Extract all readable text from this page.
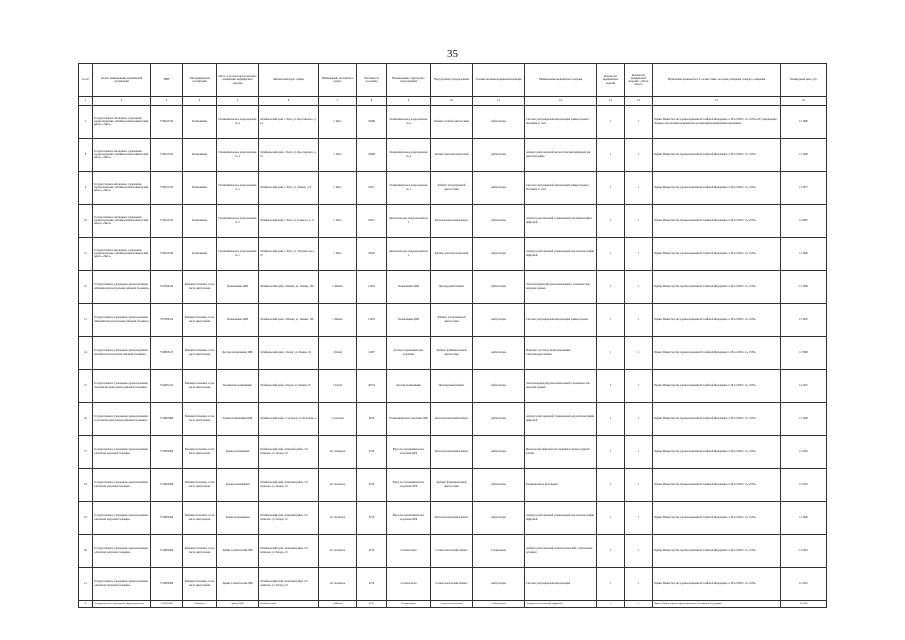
35
№ п/п	Полное наименование медицинской организации	ИНН	Тип медицинской организации	Место, в котором предусмотрено размещение медицинского изделия	Фактический адрес здания	Наименование населённого пункта	Численность населения	Наименование структурного подразделения	Вид (профиль) подразделения	Условия оказания медицинской помощи	Наименование медицинского изделия	Количество медицинских изделий	Количество медицинских изделий с учётом износа	Нормативно-правовой акт, в соответствии с которым утверждён стандарт оснащения	Планируемая цена, руб.
1	2	3	4	5	6	7	8	9	10	11	12	13	14	15	16
7	Государственное автономное учреждение здравоохранения «Забайкальский клинический центр» «Чита»	7536015545	Поликлиника	Поликлиническое подразделение № 4	Забайкальский край, г. Чита, ул. Ярославского, д. 14	г. Чита	35408	Поликлиническое подразделение № 4	Кабинет лучевой диагностики	Амбулаторно	Система ультразвуковой визуализации универсальная с питанием от сети	1	1	Приказ Министерства здравоохранения Российской Федерации от 28.12.2020 г. № 1379н «Об утверждении Порядка обеспечения медицинских организаций медицинскими изделиями»	12 3600
8	Государственное автономное учреждение здравоохранения «Забайкальский клинический центр» «Чита»	7536015545	Поликлиника	Поликлиническое подразделение № 4	Забайкальский край, г. Чита, ул. Ярославского, д. 14	г. Чита	35408	Поликлиническое подразделение № 4	Кабинет рентгенологический	Амбулаторно	Аппарат рентгеновский диагностический цифровой для рентгенографии	1	1	Приказ Министерства здравоохранения Российской Федерации от 28.12.2020 г. № 1379н	12 3600
9	Государственное автономное учреждение здравоохранения «Забайкальский клинический центр» «Чита»	7536015545	Поликлиника	Поликлиническое подразделение № 1	Забайкальский край, г. Чита, ул. Ленина, д. 8	г. Чита	18215	Поликлиническое подразделение № 1	Кабинет ультразвуковой диагностики	Амбулаторно	Система ультразвуковой визуализации универсальная с питанием от сети	1	1	Приказ Министерства здравоохранения Российской Федерации от 28.12.2020 г. № 1379н	12 3677
10	Государственное автономное учреждение здравоохранения «Забайкальский клинический центр» «Чита»	7536015545	Поликлиника	Поликлиническое подразделение № 1	Забайкальский край, г. Чита, ул. Горького, д. 11	г. Чита	18215	Онкологическое подразделение № 1	Рентгенологический кабинет	Амбулаторно	Аппарат рентгеновский стационарный для маммографии цифровой	1	1	Приказ Министерства здравоохранения Российской Федерации от 28.12.2020 г. № 1379н	12 4007
11	Государственное автономное учреждение здравоохранения «Забайкальский клинический центр» «Чита»	7536015545	Поликлиника	Поликлиническое подразделение № 1	Забайкальский край, г. Чита, ул. Энтузиастов, д. 74	г. Чита	18226	Онкологическое подразделение № 1	Кабинет рентгенологический	Амбулаторно	Аппарат рентгеновский стационарный для рентгенографии цифровой	1	1	Приказ Министерства здравоохранения Российской Федерации от 28.12.2020 г. № 1379н	12 3600
12	Государственное учреждение здравоохранения «Шилкинская центральная районная больница»	7527004524	Районная больница, в том числе центральная	Поликлиника ЦРБ	Забайкальский край, г. Шилка, ул. Ленина, 136	г. Шилка	12493	Поликлиника ЦРБ	Процедурный кабинет	Амбулаторно	Электрокардиограф (многоканальный) с возможностью передачи данных	1	1	Приказ Министерства здравоохранения Российской Федерации от 28.12.2020 г. № 1379н	12 3600
13	Государственное учреждение здравоохранения «Шилкинская центральная районная больница»	7527004524	Районная больница, в том числе центральная	Поликлиника ЦРБ	Забайкальский край, г. Шилка, ул. Ленина, 136	г. Шилка	12493	Поликлиника ЦРБ	Кабинет ультразвуковой диагностики	Амбулаторно	Система ультразвуковой визуализации универсальная	1	1	Приказ Министерства здравоохранения Российской Федерации от 28.12.2020 г. № 1379н	12 3625
14	Государственное учреждение здравоохранения «Балейская центральная районная больница»	7528003123	Районная больница, в том числе центральная	Детская поликлиника ЦРБ	Забайкальский край, г. Балей, ул. Ленина, 32	г. Балей	11697	Детское поликлиническое отделение	Кабинет функциональной диагностики	Амбулаторно	Комплекс суточного мониторирования электрокардиограммы	1	1	Приказ Министерства здравоохранения Российской Федерации от 28.12.2020 г. № 1379н	12 3600
15	Государственное учреждение здравоохранения «Борзинская центральная районная больница»	7529001231	Районная больница, в том числе центральная	Борзинская поликлиника	Забайкальский край, г. Борзя, ул. Ленина, 37	г. Борзя	26754	Детская поликлиника	Процедурный кабинет	Амбулаторно	Электрокардиограф (многоканальный) с возможностью передачи данных	5	1	Приказ Министерства здравоохранения Российской Федерации от 28.12.2020 г. № 1379н	12 2001
16	Государственное учреждение здравоохранения «Сретенская центральная районная больница»	7519001880	Районная больница, в том числе центральная	Здание поликлиники ЦРБ	Забайкальский край, г. Сретенск, ул. Кочеткова, 2	г. Сретенск	6610	Поликлиническое отделение ЦРБ	Рентгенологический кабинет	Амбулаторно	Аппарат рентгеновский стационарный для рентгенографии цифровой	1	1	Приказ Министерства здравоохранения Российской Федерации от 28.12.2020 г. № 1379н	12 3600
17	Государственное учреждение здравоохранения «Агинская окружная больница»	7516000480	Районная больница, в том числе центральная	Здание поликлиники	Забайкальский край, Агинский район, пгт Агинское, ул. Базара, 10	пгт Агинское	6756	Взрослое поликлиническое отделение ЦРБ	Рентгенологический кабинет	Амбулаторно	Флюорограф цифровой для скрининга органов грудной клетки	1	1	Приказ Министерства здравоохранения Российской Федерации от 28.12.2020 г. № 1379н	12 2001
18	Государственное учреждение здравоохранения «Агинская окружная больница»	7516000480	Районная больница, в том числе центральная	Здание поликлиники	Забайкальский край, Агинский район, пгт Агинское, ул. Базара, 10	пгт Агинское	6756	Взрослое поликлиническое отделение ЦРБ	Кабинет функциональной диагностики	Амбулаторно	Кардиомонитор фетальный	1	1	Приказ Министерства здравоохранения Российской Федерации от 28.12.2020 г. № 1379н	12 2001
19	Государственное учреждение здравоохранения «Агинская окружная больница»	7516000480	Районная больница, в том числе центральная	Здание поликлиники	Забайкальский край, Агинский район, пгт Агинское, ул. Базара, 10	пгт Агинское	6756	Взрослое поликлиническое отделение ЦРБ	Рентгенологический кабинет	Амбулаторно	Аппарат рентгеновский стационарный для рентгенографии цифровой	1	1	Приказ Министерства здравоохранения Российской Федерации от 28.12.2020 г. № 1379н	12 3600
20	Государственное учреждение здравоохранения «Агинская окружная больница»	7516000480	Районная больница, в том числе центральная	Здание Стоматологии ЦРБ	Забайкальский край, Агинский район, пгт Агинское, ул. Базара, 10	пгт Агинское	6756	Стоматология	Стоматологический кабинет	Стационарно	Аппарат рентгеновский стоматологический с дентальным датчиком	1	1	Приказ Министерства здравоохранения Российской Федерации от 28.12.2020 г. № 1379н	12 2001
21	Государственное учреждение здравоохранения «Агинская окружная больница»	7516000480	Районная больница, в том числе центральная	Здание Стоматологии ЦРБ	Забайкальский край, Агинский район, пгт Агинское, ул. Базара, 10	пгт Агинское	6756	Стоматология	Стоматологический кабинет	Амбулаторно	Система ультразвуковой визуализации	1	1	Приказ Министерства здравоохранения Российской Федерации от 28.12.2020 г. № 1379н	12 2001
22	Государственное учреждение здравоохранения	7519001880	Районная	Здание ЦРБ	Забайкальский	г. Шилка	6610	Поликлиника	Рентгенологический	Амбулаторно	Аппарат рентгеновский цифровой	1	1	Приказ Министерства здравоохранения Российской Федерации	12 3600
